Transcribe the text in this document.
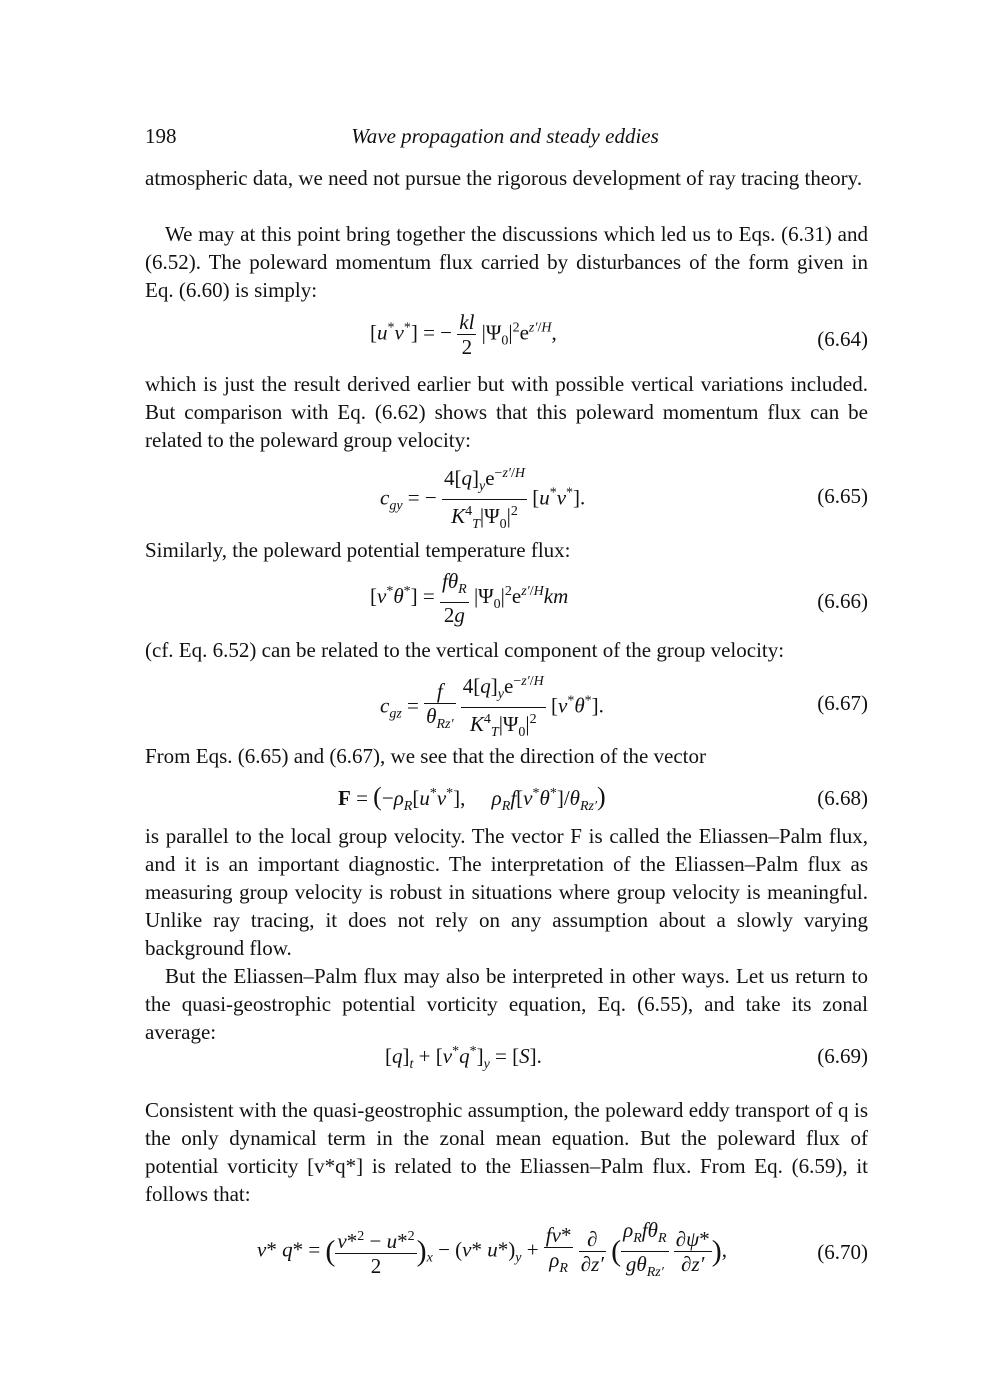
198	Wave propagation and steady eddies
atmospheric data, we need not pursue the rigorous development of ray tracing theory.
We may at this point bring together the discussions which led us to Eqs. (6.31) and (6.52). The poleward momentum flux carried by disturbances of the form given in Eq. (6.60) is simply:
[u*v*] = − $\frac{kl}{2} |\Psi_0|^2e^{z'/H}$,	(6.64)
which is just the result derived earlier but with possible vertical variations included. But comparison with Eq. (6.62) shows that this poleward momentum flux can be related to the poleward group velocity:
$c_{gy}$ = − $\frac{4[q]_ye^{-z'/H}}{K^4_T|\Psi_0|^2} [u^*v^*]$.	(6.65)
Similarly, the poleward potential temperature flux:
$[v^*\theta^*] = \frac{f\theta_R}{2g} |\Psi_0|^2e^{z'/H}km$	(6.66)
(cf. Eq. 6.52) can be related to the vertical component of the group velocity:
$c_{gz} = \frac{f}{\theta_{Rz'}}$
$\frac{4[q]_ye^{-z'/H}}{K^4_T|\Psi_0|^2} [v^*\theta^*]$.	(6.67)
From Eqs. (6.65) and (6.67), we see that the direction of the vector
$F = (-\rho_R[u^*v^*]$,     $\rho_Rf[v^*\theta^*]/\theta_{Rz'}$)	(6.68)
is parallel to the local group velocity. The vector F is called the Eliassen–Palm flux, and it is an important diagnostic. The interpretation of the Eliassen–Palm flux as measuring group velocity is robust in situations where group velocity is meaningful. Unlike ray tracing, it does not rely on any assumption about a slowly varying background flow.
But the Eliassen–Palm flux may also be interpreted in other ways. Let us return to the quasi-geostrophic potential vorticity equation, Eq. (6.55), and take its zonal average:
$[q]_t + [v^*q^*]_y = [S]$.	(6.69)
Consistent with the quasi-geostrophic assumption, the poleward eddy transport of q is the only dynamical term in the zonal mean equation. But the poleward flux of potential vorticity [v*q*] is related to the Eliassen–Palm flux. From Eq. (6.59), it follows that:
v* q* = ( $\frac{v*^2 - u*^2}{2} )_x - (v*$ $u*)_y + \frac{fv*}{\rho_R}$
$\frac{\partial}{\partial z'}$ ( $\frac{\rho_Rf\theta_R}{g\theta_{Rz'}}$
$\frac{\partial\psi*}{\partial z'}$ ),	(6.70)
